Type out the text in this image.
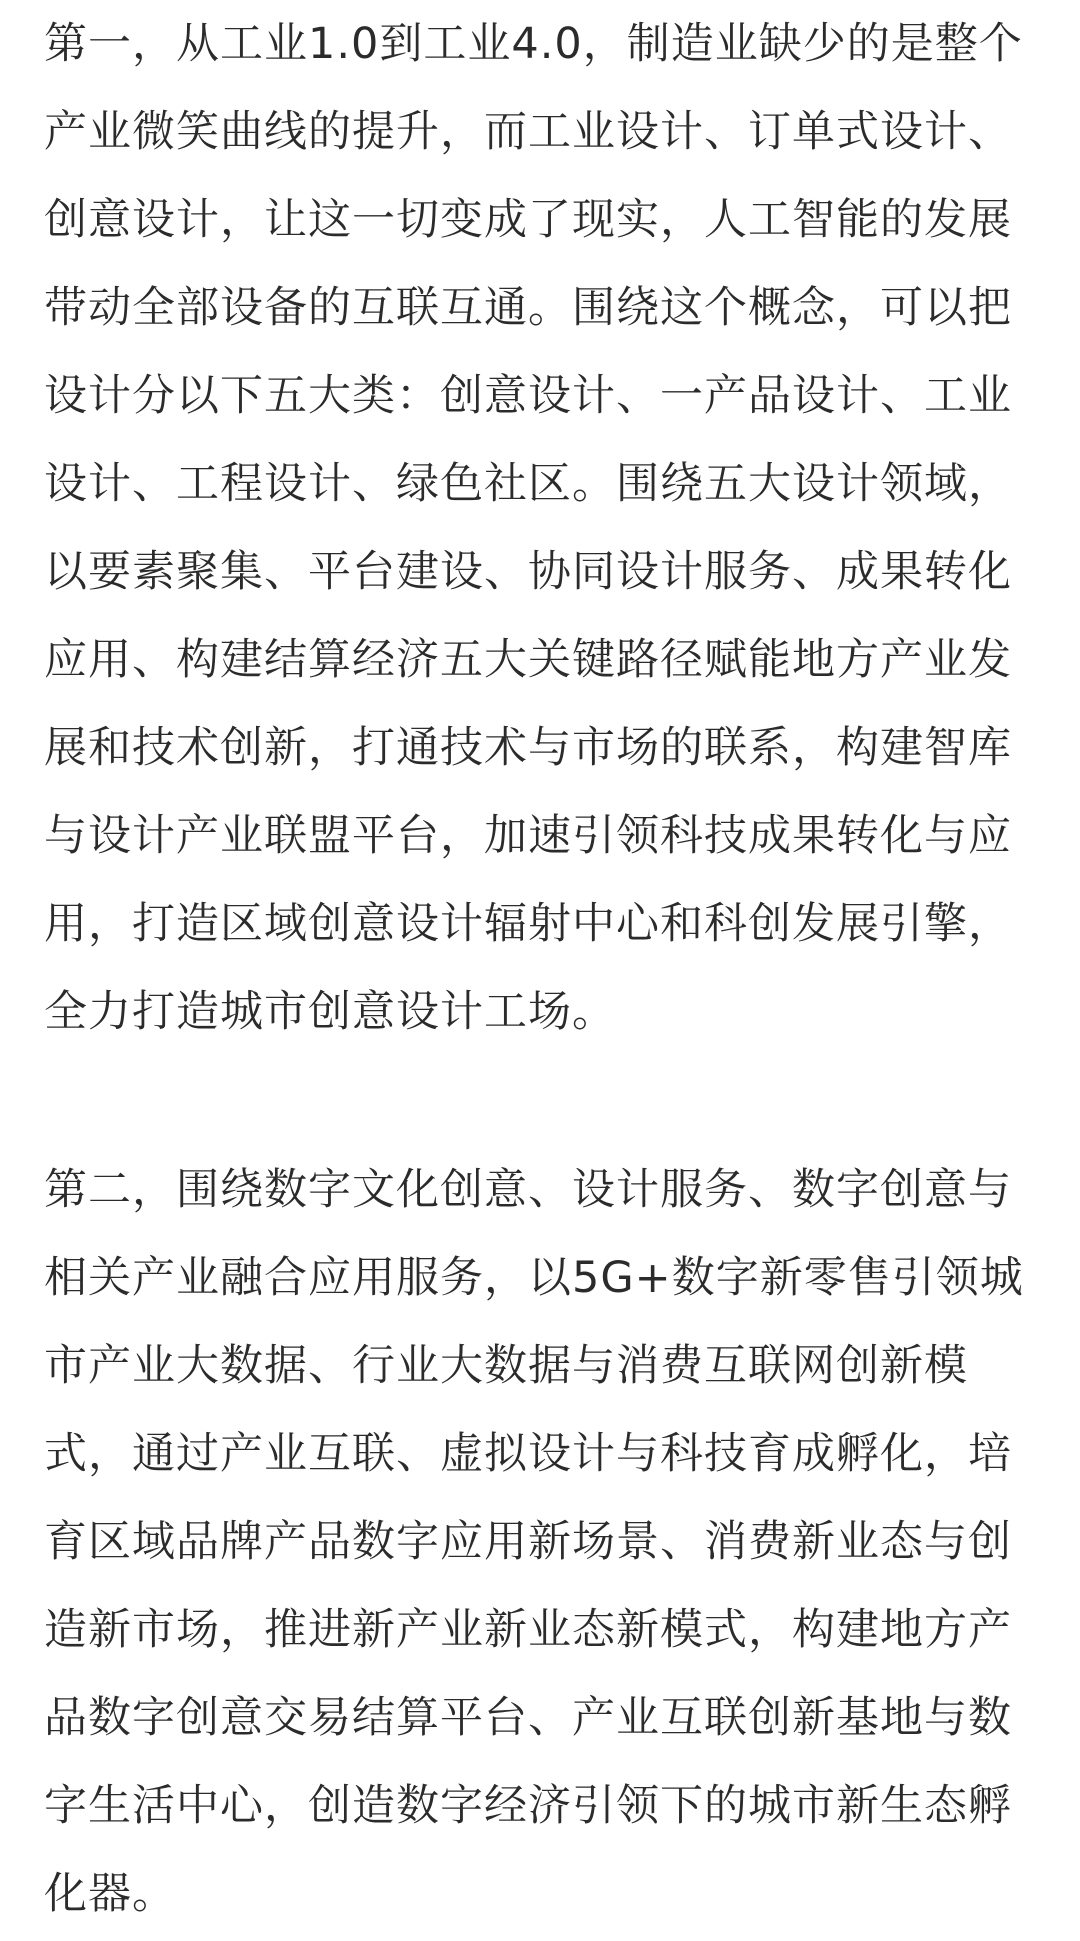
第一，从工业1.0到工业4.0，制造业缺少的是整个
产业微笑曲线的提升，而工业设计、订单式设计、
创意设计，让这一切变成了现实，人工智能的发展
带动全部设备的互联互通。围绕这个概念，可以把
设计分以下五大类：创意设计、一产品设计、工业
设计、工程设计、绿色社区。围绕五大设计领域，
以要素聚集、平台建设、协同设计服务、成果转化
应用、构建结算经济五大关键路径赋能地方产业发
展和技术创新，打通技术与市场的联系，构建智库
与设计产业联盟平台，加速引领科技成果转化与应
用，打造区域创意设计辐射中心和科创发展引擎，
全力打造城市创意设计工场。
第二，围绕数字文化创意、设计服务、数字创意与
相关产业融合应用服务，以5G+数字新零售引领城
市产业大数据、行业大数据与消费互联网创新模
式，通过产业互联、虚拟设计与科技育成孵化，培
育区域品牌产品数字应用新场景、消费新业态与创
造新市场，推进新产业新业态新模式，构建地方产
品数字创意交易结算平台、产业互联创新基地与数
字生活中心，创造数字经济引领下的城市新生态孵
化器。
